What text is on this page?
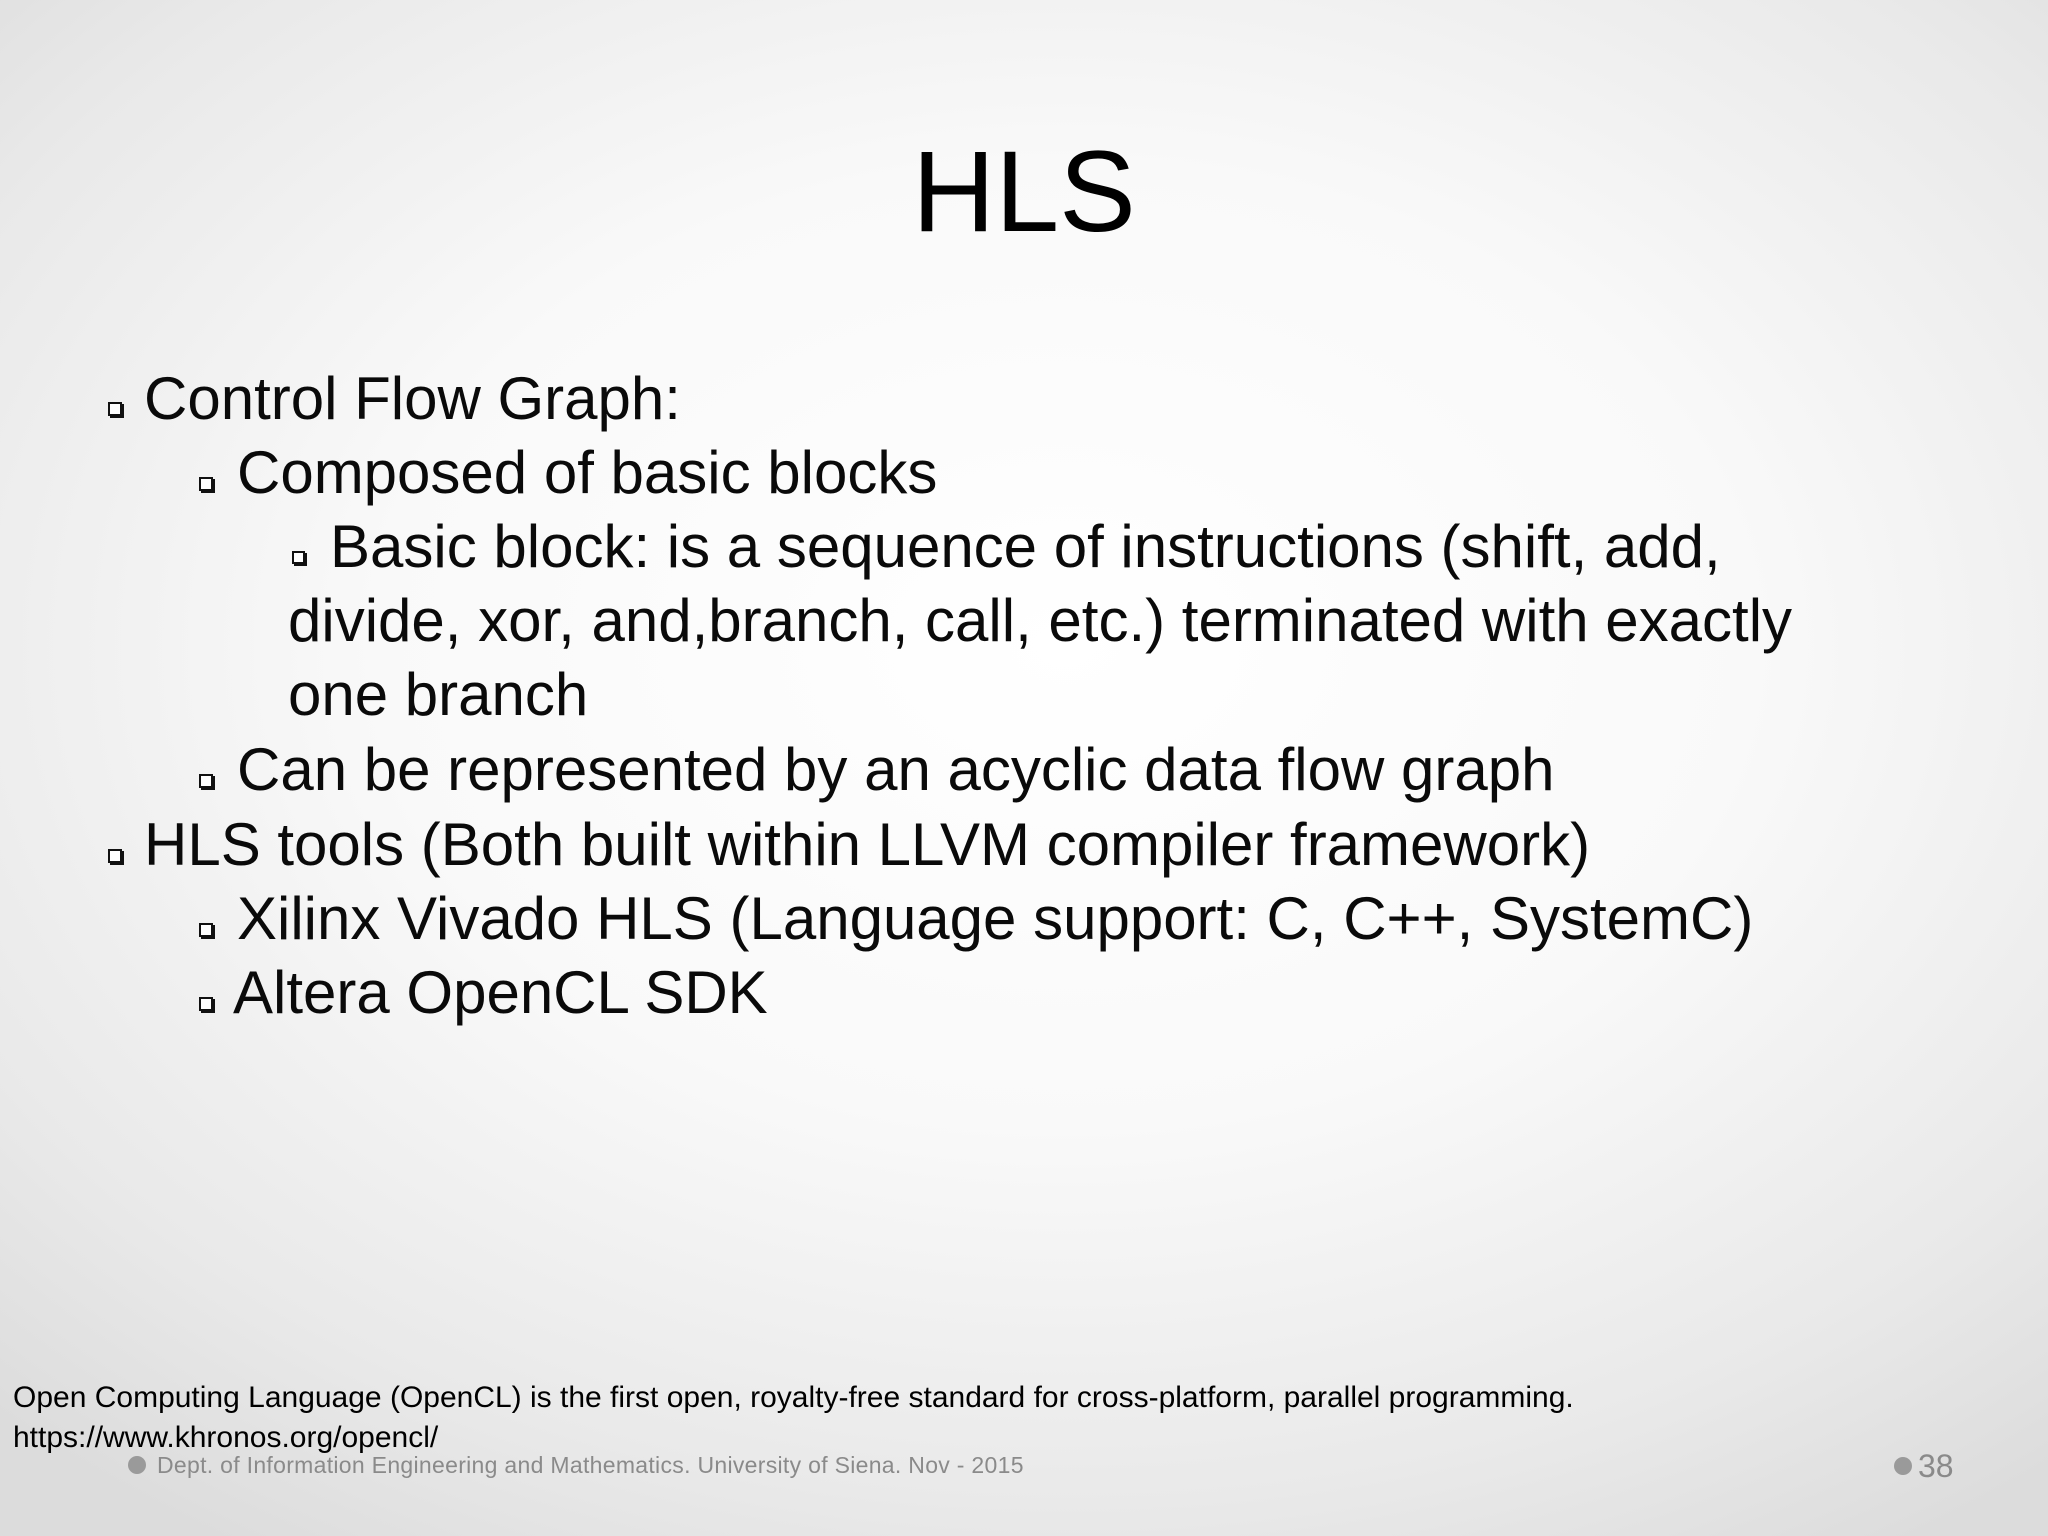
HLS
Control Flow Graph:
Composed of basic blocks
Basic block: is a sequence of instructions (shift, add,
divide, xor, and,branch, call, etc.) terminated with exactly
one branch
Can be represented by an acyclic data flow graph
HLS tools (Both built within LLVM compiler framework)
Xilinx Vivado HLS (Language support: C, C++, SystemC)
Altera OpenCL SDK
Open Computing Language (OpenCL) is the first open, royalty-free standard for cross-platform, parallel programming.
https://www.khronos.org/opencl/
Dept. of Information Engineering and Mathematics. University of Siena. Nov - 2015	38
